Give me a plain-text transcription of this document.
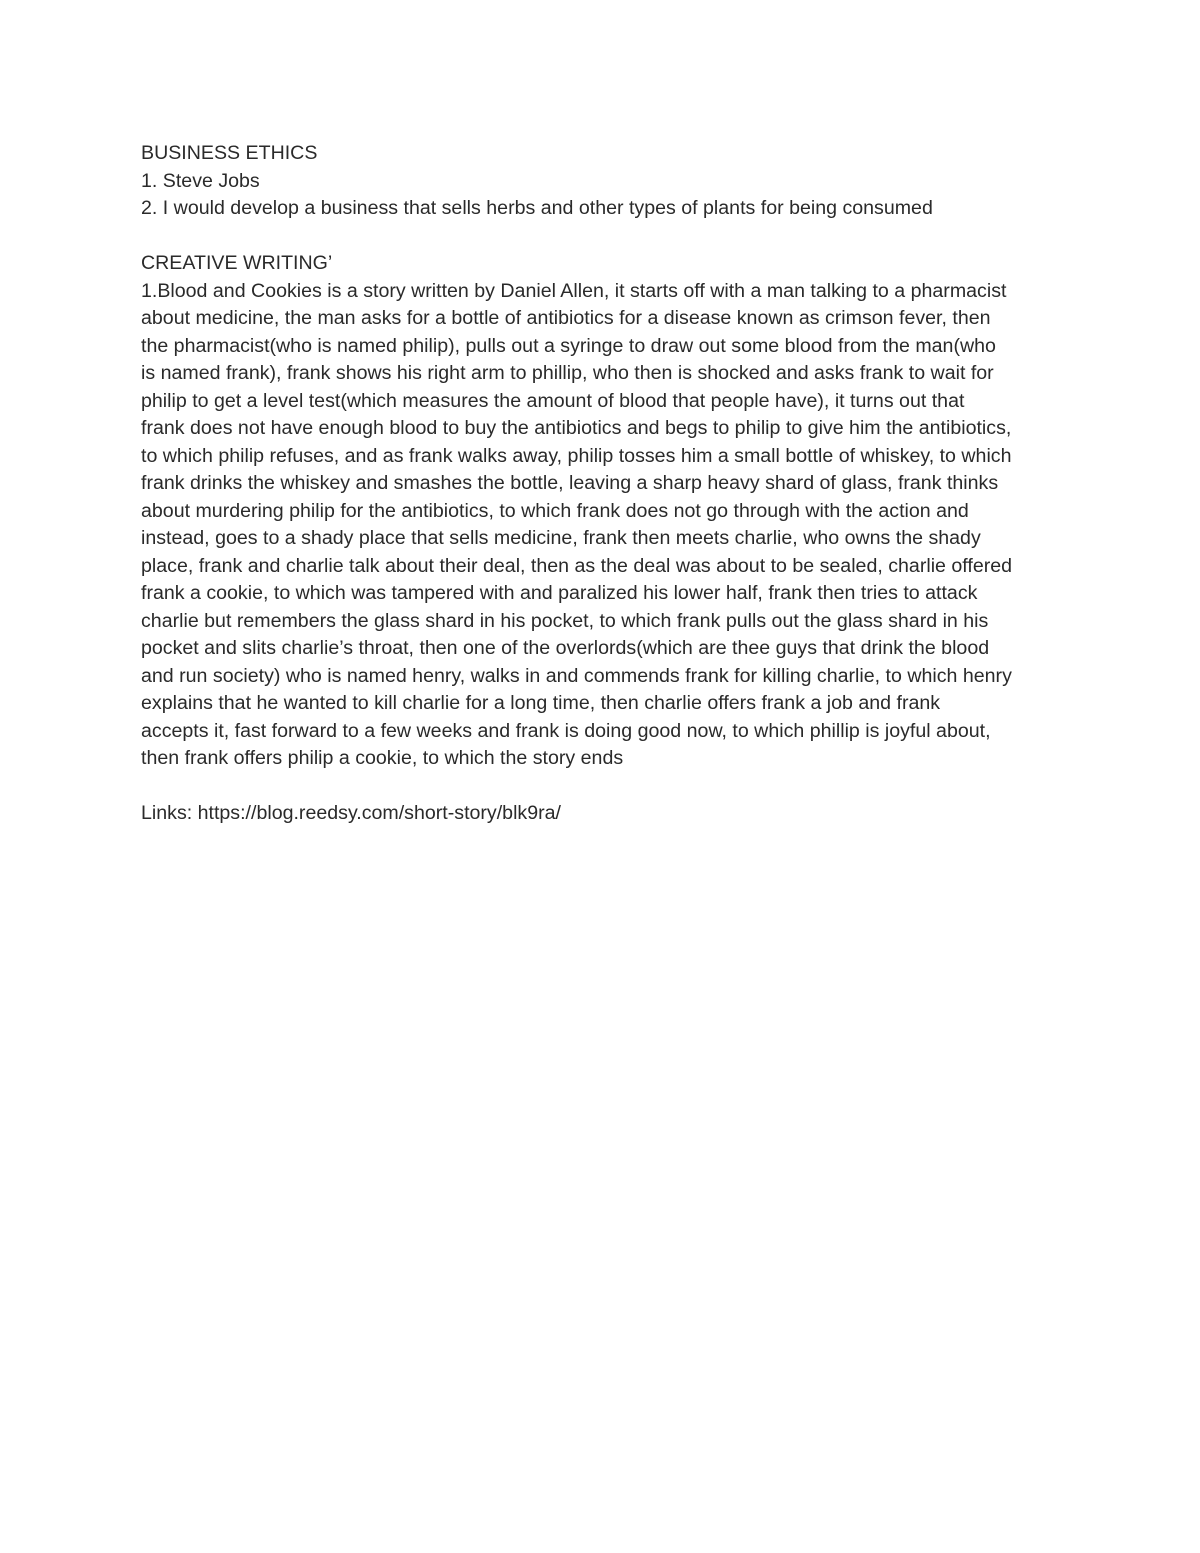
BUSINESS ETHICS
1. Steve Jobs
2. I would develop a business that sells herbs and other types of plants for being consumed
CREATIVE WRITING’
1.Blood and Cookies is a story written by Daniel Allen, it starts off with a man talking to a pharmacist
about medicine, the man asks for a bottle of antibiotics for a disease known as crimson fever, then
the pharmacist(who is named philip), pulls out a syringe to draw out some blood from the man(who
is named frank), frank shows his right arm to phillip, who then is shocked and asks frank to wait for
philip to get a level test(which measures the amount of blood that people have), it turns out that
frank does not have enough blood to buy the antibiotics and begs to philip to give him the antibiotics,
to which philip refuses, and as frank walks away, philip tosses him a small bottle of whiskey, to which
frank drinks the whiskey and smashes the bottle, leaving a sharp heavy shard of glass, frank thinks
about murdering philip for the antibiotics, to which frank does not go through with the action and
instead, goes to a shady place that sells medicine, frank then meets charlie, who owns the shady
place, frank and charlie talk about their deal, then as the deal was about to be sealed, charlie offered
frank a cookie, to which was tampered with and paralized his lower half, frank then tries to attack
charlie but remembers the glass shard in his pocket, to which frank pulls out the glass shard in his
pocket and slits charlie’s throat, then one of the overlords(which are thee guys that drink the blood
and run society) who is named henry, walks in and commends frank for killing charlie, to which henry
explains that he wanted to kill charlie for a long time, then charlie offers frank a job and frank
accepts it, fast forward to a few weeks and frank is doing good now, to which phillip is joyful about,
then frank offers philip a cookie, to which the story ends
Links: https://blog.reedsy.com/short-story/blk9ra/
